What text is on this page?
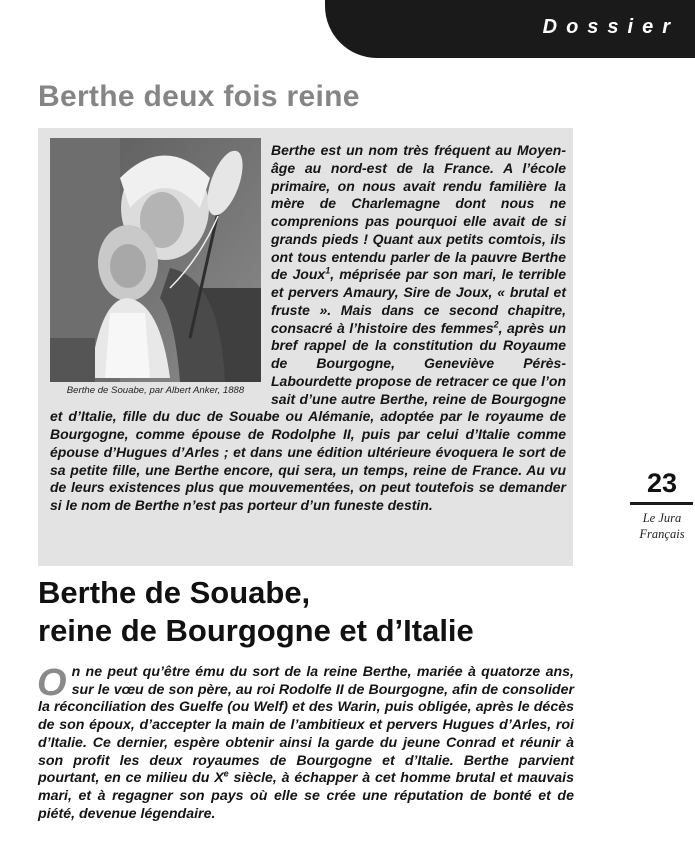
Dossier
Berthe deux fois reine
Berthe de Souabe, par Albert Anker, 1888

Berthe est un nom très fréquent au Moyen-âge au nord-est de la France. A l’école primaire, on nous avait rendu familière la mère de Charlemagne dont nous ne comprenions pas pourquoi elle avait de si grands pieds ! Quant aux petits comtois, ils ont tous entendu parler de la pauvre Berthe de Joux$^1$, méprisée par son mari, le terrible et pervers Amaury, Sire de Joux, « brutal et fruste ». Mais dans ce second chapitre, consacré à l’histoire des femmes$^2$, après un bref rappel de la constitution du Royaume de Bourgogne, Geneviève Pérès-Labourdette propose de retracer ce que l’on sait d’une autre Berthe, reine de Bourgogne et d’Italie, fille du duc de Souabe ou Alémanie, adoptée par le royaume de Bourgogne, comme épouse de Rodolphe II, puis par celui d’Italie comme épouse d’Hugues d’Arles ; et dans une édition ultérieure évoquera le sort de sa petite fille, une Berthe encore, qui sera, un temps, reine de France. Au vu de leurs existences plus que mouvementées, on peut toutefois se demander si le nom de Berthe n’est pas porteur d’un funeste destin.

23
Le Jura
Français
Berthe de Souabe,
reine de Bourgogne et d’Italie

On ne peut qu’être ému du sort de la reine Berthe, mariée à quatorze ans, sur le vœu de son père, au roi Rodolfe II de Bourgogne, afin de consolider la réconciliation des Guelfe (ou Welf) et des Warin, puis obligée, après le décès de son époux, d’accepter la main de l’ambitieux et pervers Hugues d’Arles, roi d’Italie. Ce dernier, espère obtenir ainsi la garde du jeune Conrad et réunir à son profit les deux royaumes de Bourgogne et d’Italie. Berthe parvient pourtant, en ce milieu du Xe siècle, à échapper à cet homme brutal et mauvais mari, et à regagner son pays où elle se crée une réputation de bonté et de piété, devenue légendaire.
